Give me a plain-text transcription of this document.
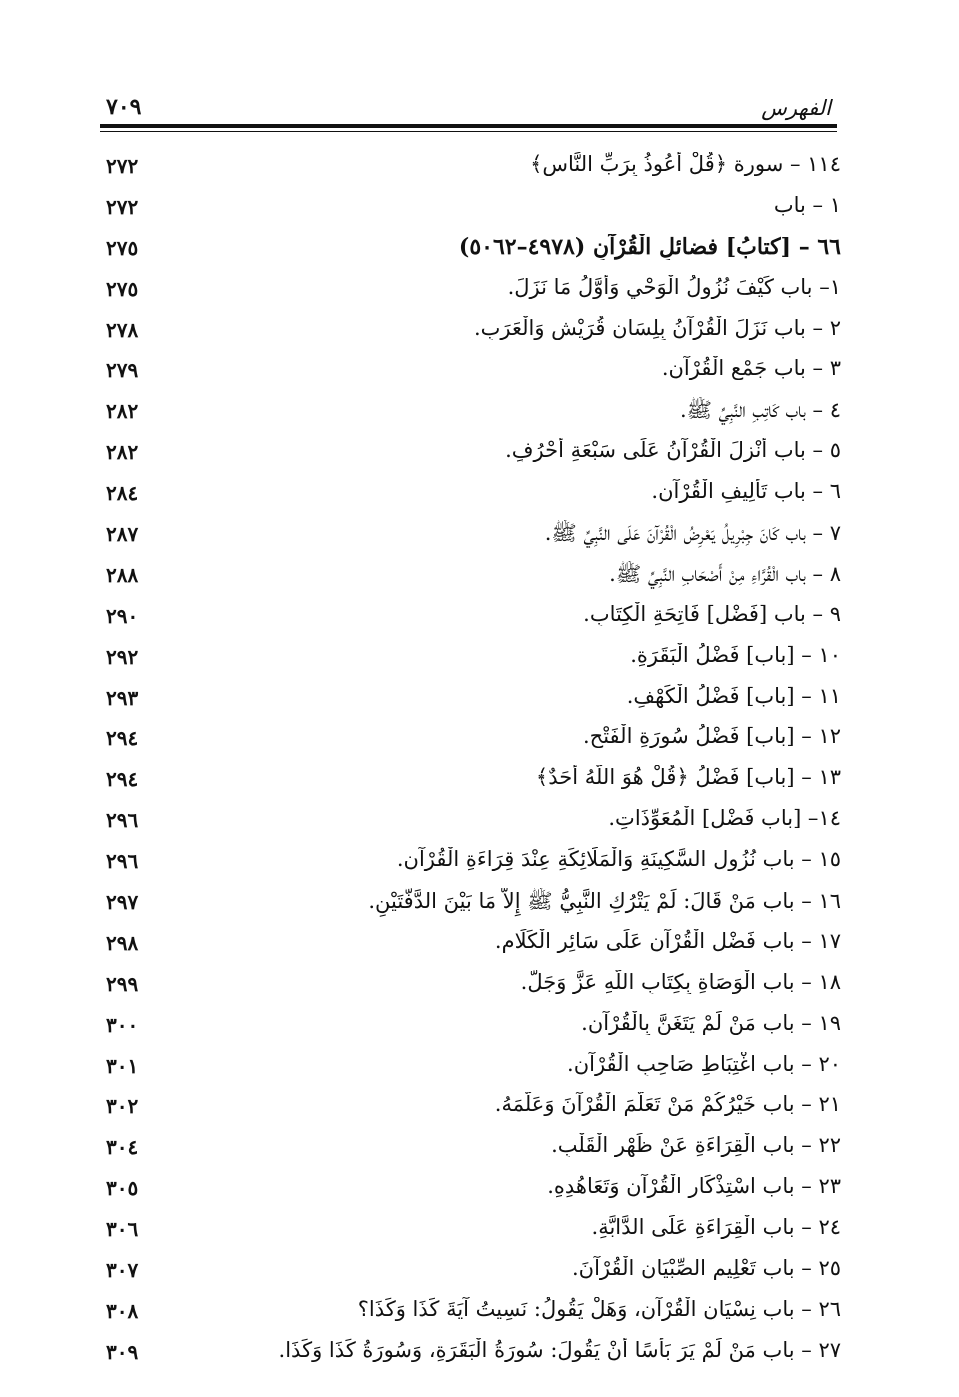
٧٠٩	الفهرس
١١٤ – سورة ﴿قُلْ أَعُوذُ بِرَبِّ النَّاسِ﴾
٢٧٢
١ – باب
٢٧٢
٦٦ – [كتابُ] فضائلِ الْقُرْآنِ (٤٩٧٨–٥٠٦٢)
٢٧٥
١– باب كَيْفَ نُزُولُ الْوَحْيِ وَأَوَّلُ مَا نَزَلَ.
٢٧٥
٢ – باب نَزَلَ الْقُرْآنُ بِلِسَانِ قُرَيْشٍ وَالْعَرَبِ.
٢٧٨
٣ – باب جَمْعِ الْقُرْآنِ.
٢٧٩
٤ – باب كَاتِبِ النَّبِيِّ ﷺ.
٢٨٢
٥ – باب أُنْزِلَ الْقُرْآنُ عَلَى سَبْعَةِ أَحْرُفٍ.
٢٨٢
٦ – باب تَأْلِيفِ الْقُرْآنِ.
٢٨٤
٧ – باب كَانَ جِبْرِيلُ يَعْرِضُ الْقُرْآنَ عَلَى النَّبِيِّ ﷺ.
٢٨٧
٨ – باب الْقُرَّاءِ مِنْ أَصْحَابِ النَّبِيِّ ﷺ.
٢٨٨
٩ – باب [فَضْلِ] فَاتِحَةِ الْكِتَابِ.
٢٩٠
١٠ – [باب] فَضْلُ الْبَقَرَةِ.
٢٩٢
١١ – [باب] فَضْلُ الْكَهْفِ.
٢٩٣
١٢ – [باب] فَضْلُ سُورَةِ الْفَتْحِ.
٢٩٤
١٣ – [باب] فَضْلُ ﴿قُلْ هُوَ اللَّهُ أَحَدٌ﴾
٢٩٤
١٤– [باب فَضْلِ] الْمُعَوِّذَاتِ.
٢٩٦
١٥ – باب نُزُولِ السَّكِينَةِ وَالْمَلَائِكَةِ عِنْدَ قِرَاءَةِ الْقُرْآنِ.
٢٩٦
١٦ – باب مَنْ قَالَ: لَمْ يَتْرُكِ النَّبِيُّ ﷺ إِلاَّ مَا بَيْنَ الدَّفَّتَيْنِ.
٢٩٧
١٧ – باب فَضْلِ الْقُرْآنِ عَلَى سَائِرِ الْكَلَامِ.
٢٩٨
١٨ – باب الْوَصَاةِ بِكِتَابِ اللَّهِ عَزَّ وَجَلَّ.
٢٩٩
١٩ – باب مَنْ لَمْ يَتَغَنَّ بِالْقُرْآنِ.
٣٠٠
٢٠ – باب اغْتِبَاطِ صَاحِبِ الْقُرْآنِ.
٣٠١
٢١ – باب خَيْرُكُمْ مَنْ تَعَلَّمَ الْقُرْآنَ وَعَلَّمَهُ.
٣٠٢
٢٢ – باب الْقِرَاءَةِ عَنْ ظَهْرِ الْقَلْبِ.
٣٠٤
٢٣ – باب اسْتِذْكَارِ الْقُرْآنِ وَتَعَاهُدِهِ.
٣٠٥
٢٤ – باب الْقِرَاءَةِ عَلَى الدَّابَّةِ.
٣٠٦
٢٥ – باب تَعْلِيمِ الصِّبْيَانِ الْقُرْآنَ.
٣٠٧
٢٦ – باب نِسْيَانِ الْقُرْآنِ، وَهَلْ يَقُولُ: نَسِيتُ آيَةَ كَذَا وَكَذَا؟
٣٠٨
٢٧ – باب مَنْ لَمْ يَرَ بَأْسًا أَنْ يَقُولَ: سُورَةُ الْبَقَرَةِ، وَسُورَةُ كَذَا وَكَذَا.
٣٠٩
